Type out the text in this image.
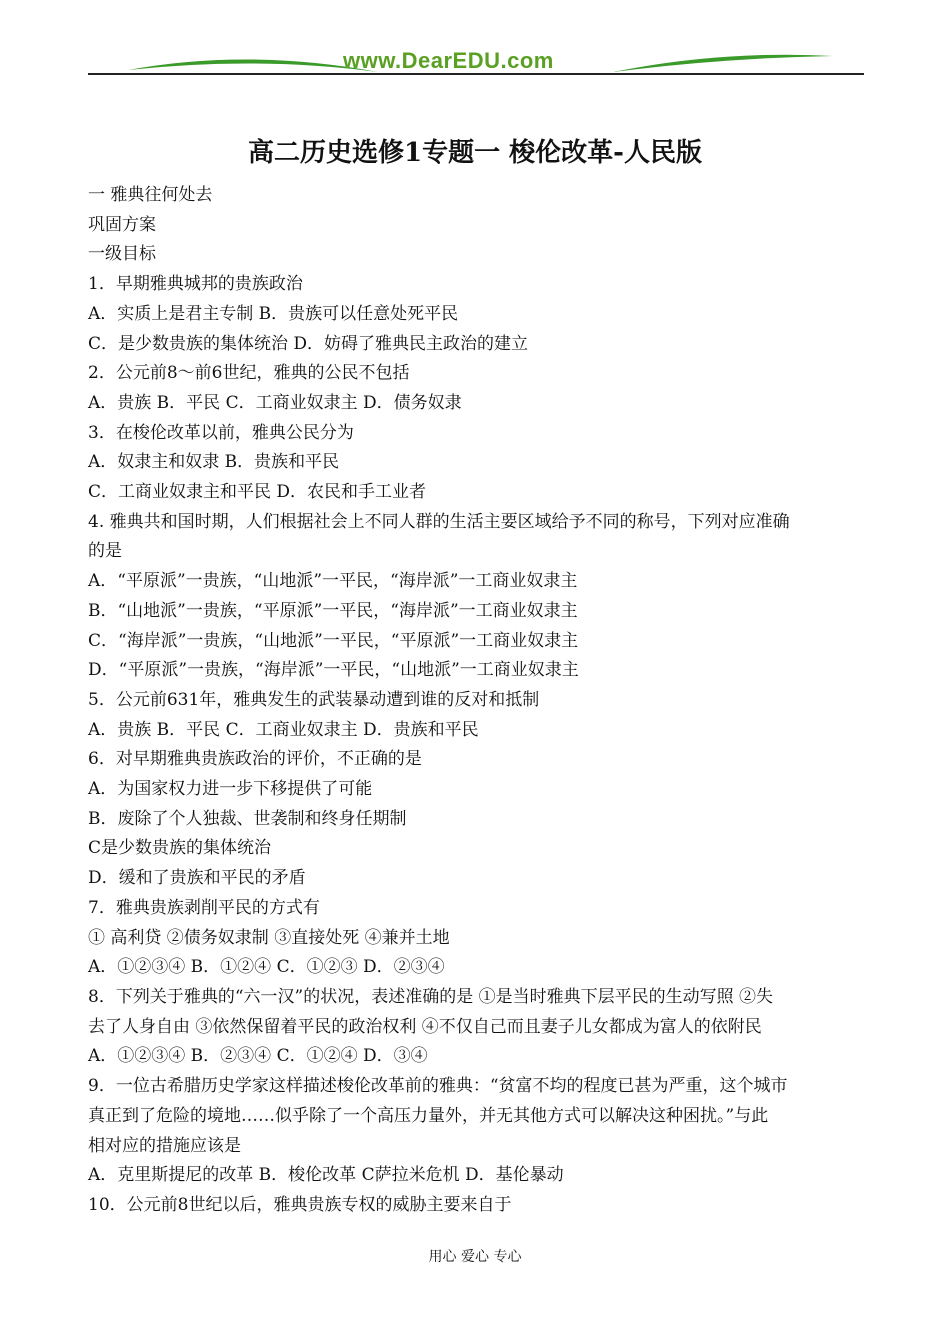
www.DearEDU.com
高二历史选修1专题一 梭伦改革-人民版

一 雅典往何处去

巩固方案

一级目标

1．早期雅典城邦的贵族政治

A．实质上是君主专制 B．贵族可以任意处死平民

C．是少数贵族的集体统治 D．妨碍了雅典民主政治的建立

2．公元前8～前6世纪，雅典的公民不包括

A．贵族 B．平民 C．工商业奴隶主 D．债务奴隶

3．在梭伦改革以前，雅典公民分为

A．奴隶主和奴隶 B．贵族和平民

C．工商业奴隶主和平民 D．农民和手工业者

4. 雅典共和国时期，人们根据社会上不同人群的生活主要区域给予不同的称号，下列对应准确

的是

A．“平原派”一贵族，“山地派”一平民，“海岸派”一工商业奴隶主

B．“山地派”一贵族，“平原派”一平民，“海岸派”一工商业奴隶主

C．“海岸派”一贵族，“山地派”一平民，“平原派”一工商业奴隶主

D．“平原派”一贵族，“海岸派”一平民，“山地派”一工商业奴隶主

5．公元前631年，雅典发生的武装暴动遭到谁的反对和抵制

A．贵族 B．平民 C．工商业奴隶主 D．贵族和平民

6．对早期雅典贵族政治的评价，不正确的是

A．为国家权力进一步下移提供了可能

B．废除了个人独裁、世袭制和终身任期制

C是少数贵族的集体统治

D．缓和了贵族和平民的矛盾

7．雅典贵族剥削平民的方式有

① 高利贷 ②债务奴隶制 ③直接处死 ④兼并土地

A．①②③④ B．①②④ C．①②③ D．②③④

8．下列关于雅典的“六一汉”的状况，表述准确的是 ①是当时雅典下层平民的生动写照 ②失

去了人身自由 ③依然保留着平民的政治权利 ④不仅自己而且妻子儿女都成为富人的依附民

A．①②③④ B．②③④ C．①②④ D．③④

9．一位古希腊历史学家这样描述梭伦改革前的雅典：“贫富不均的程度已甚为严重，这个城市

真正到了危险的境地……似乎除了一个高压力量外，并无其他方式可以解决这种困扰。”与此

相对应的措施应该是

A．克里斯提尼的改革 B．梭伦改革 C萨拉米危机 D．基伦暴动

10．公元前8世纪以后，雅典贵族专权的威胁主要来自于

用心 爱心 专心
